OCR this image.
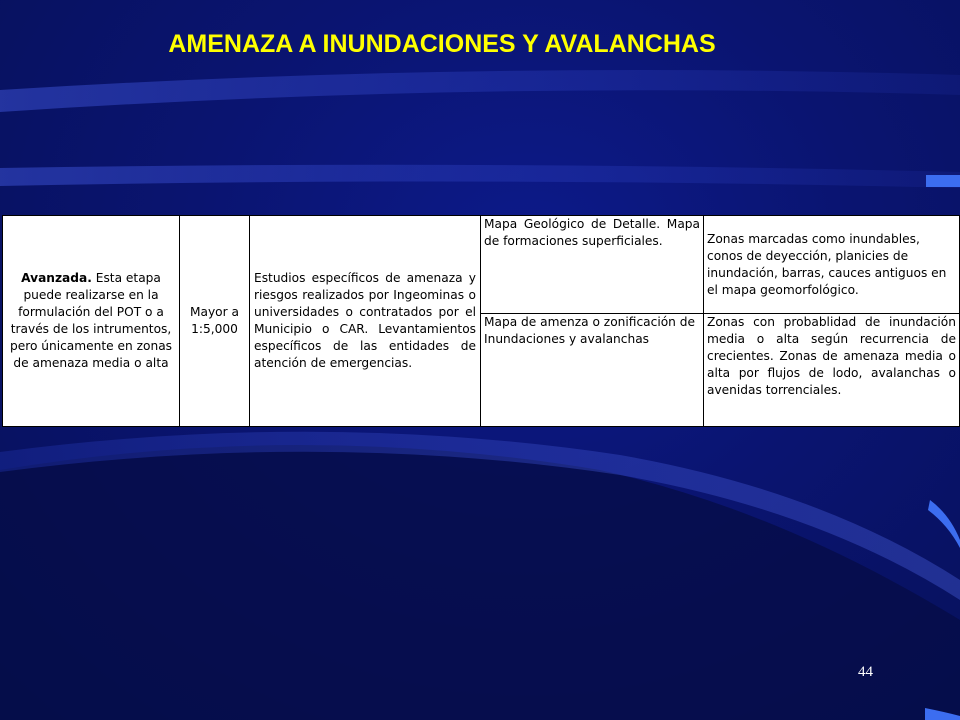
AMENAZA A INUNDACIONES Y AVALANCHAS
Avanzada. Esta etapa puede realizarse en la formulación del POT o a través de los intrumentos, pero únicamente en zonas de amenaza media o alta
Mayor a 1:5,000
Estudios específicos de amenaza y riesgos realizados por Ingeominas o universidades o contratados por el Municipio o CAR. Levantamientos específicos de las entidades de atención de emergencias.
Mapa Geológico de Detalle. Mapa de formaciones superficiales.	Zonas marcadas como inundables, conos de deyección, planicies de inundación, barras, cauces antiguos en el mapa geomorfológico.
Mapa de amenza o zonificación de Inundaciones y avalanchas
Zonas con probablidad de inundación media o alta según recurrencia de crecientes. Zonas de amenaza media o alta por flujos de lodo, avalanchas o avenidas torrenciales.
44
